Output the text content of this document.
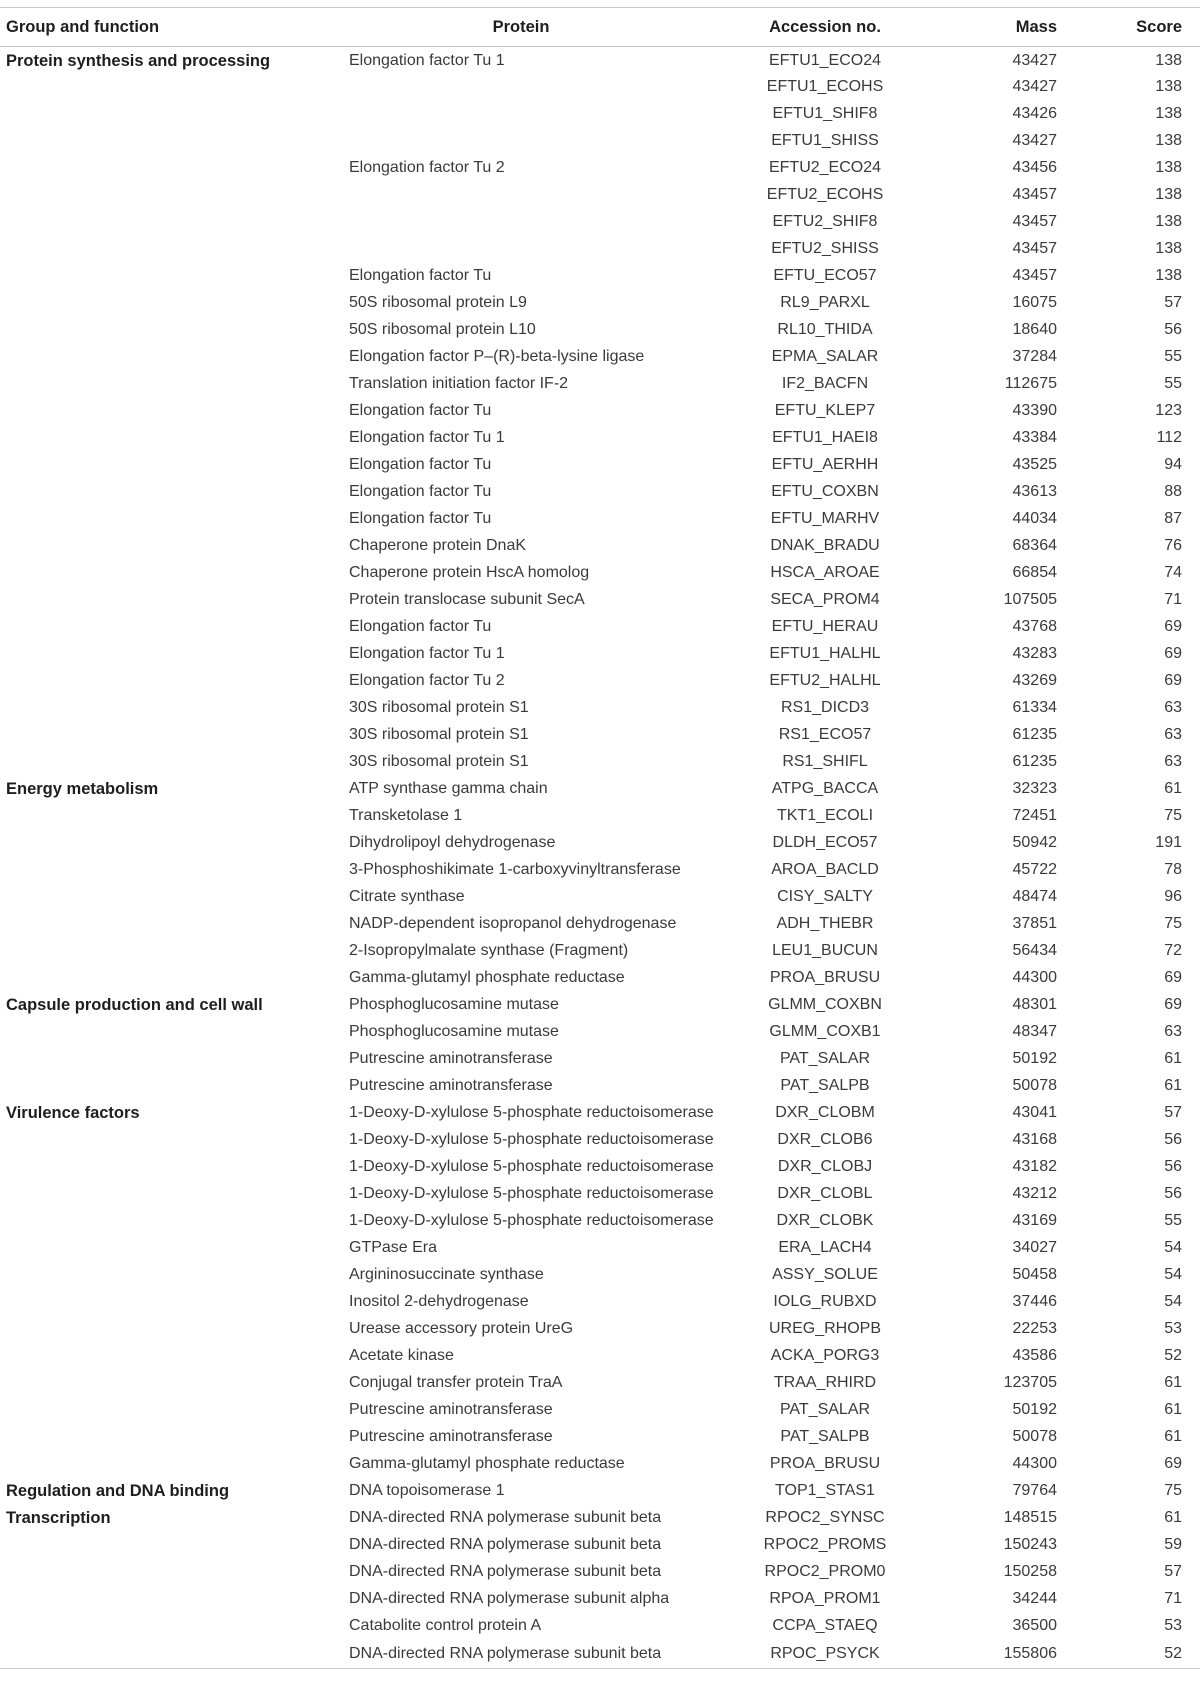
Group and function	Protein	Accession no.	Mass	Score
Protein synthesis and processing	Elongation factor Tu 1	EFTU1_ECO24	43427	138
		EFTU1_ECOHS	43427	138
		EFTU1_SHIF8	43426	138
		EFTU1_SHISS	43427	138
	Elongation factor Tu 2	EFTU2_ECO24	43456	138
		EFTU2_ECOHS	43457	138
		EFTU2_SHIF8	43457	138
		EFTU2_SHISS	43457	138
	Elongation factor Tu	EFTU_ECO57	43457	138
	50S ribosomal protein L9	RL9_PARXL	16075	57
	50S ribosomal protein L10	RL10_THIDA	18640	56
	Elongation factor P–(R)-beta-lysine ligase	EPMA_SALAR	37284	55
	Translation initiation factor IF-2	IF2_BACFN	112675	55
	Elongation factor Tu	EFTU_KLEP7	43390	123
	Elongation factor Tu 1	EFTU1_HAEI8	43384	112
	Elongation factor Tu	EFTU_AERHH	43525	94
	Elongation factor Tu	EFTU_COXBN	43613	88
	Elongation factor Tu	EFTU_MARHV	44034	87
	Chaperone protein DnaK	DNAK_BRADU	68364	76
	Chaperone protein HscA homolog	HSCA_AROAE	66854	74
	Protein translocase subunit SecA	SECA_PROM4	107505	71
	Elongation factor Tu	EFTU_HERAU	43768	69
	Elongation factor Tu 1	EFTU1_HALHL	43283	69
	Elongation factor Tu 2	EFTU2_HALHL	43269	69
	30S ribosomal protein S1	RS1_DICD3	61334	63
	30S ribosomal protein S1	RS1_ECO57	61235	63
	30S ribosomal protein S1	RS1_SHIFL	61235	63
Energy metabolism	ATP synthase gamma chain	ATPG_BACCA	32323	61
	Transketolase 1	TKT1_ECOLI	72451	75
	Dihydrolipoyl dehydrogenase	DLDH_ECO57	50942	191
	3-Phosphoshikimate 1-carboxyvinyltransferase	AROA_BACLD	45722	78
	Citrate synthase	CISY_SALTY	48474	96
	NADP-dependent isopropanol dehydrogenase	ADH_THEBR	37851	75
	2-Isopropylmalate synthase (Fragment)	LEU1_BUCUN	56434	72
	Gamma-glutamyl phosphate reductase	PROA_BRUSU	44300	69
Capsule production and cell wall	Phosphoglucosamine mutase	GLMM_COXBN	48301	69
	Phosphoglucosamine mutase	GLMM_COXB1	48347	63
	Putrescine aminotransferase	PAT_SALAR	50192	61
	Putrescine aminotransferase	PAT_SALPB	50078	61
Virulence factors	1-Deoxy-D-xylulose 5-phosphate reductoisomerase	DXR_CLOBM	43041	57
	1-Deoxy-D-xylulose 5-phosphate reductoisomerase	DXR_CLOB6	43168	56
	1-Deoxy-D-xylulose 5-phosphate reductoisomerase	DXR_CLOBJ	43182	56
	1-Deoxy-D-xylulose 5-phosphate reductoisomerase	DXR_CLOBL	43212	56
	1-Deoxy-D-xylulose 5-phosphate reductoisomerase	DXR_CLOBK	43169	55
	GTPase Era	ERA_LACH4	34027	54
	Argininosuccinate synthase	ASSY_SOLUE	50458	54
	Inositol 2-dehydrogenase	IOLG_RUBXD	37446	54
	Urease accessory protein UreG	UREG_RHOPB	22253	53
	Acetate kinase	ACKA_PORG3	43586	52
	Conjugal transfer protein TraA	TRAA_RHIRD	123705	61
	Putrescine aminotransferase	PAT_SALAR	50192	61
	Putrescine aminotransferase	PAT_SALPB	50078	61
	Gamma-glutamyl phosphate reductase	PROA_BRUSU	44300	69
Regulation and DNA binding	DNA topoisomerase 1	TOP1_STAS1	79764	75
Transcription	DNA-directed RNA polymerase subunit beta	RPOC2_SYNSC	148515	61
	DNA-directed RNA polymerase subunit beta	RPOC2_PROMS	150243	59
	DNA-directed RNA polymerase subunit beta	RPOC2_PROM0	150258	57
	DNA-directed RNA polymerase subunit alpha	RPOA_PROM1	34244	71
	Catabolite control protein A	CCPA_STAEQ	36500	53
	DNA-directed RNA polymerase subunit beta	RPOC_PSYCK	155806	52
